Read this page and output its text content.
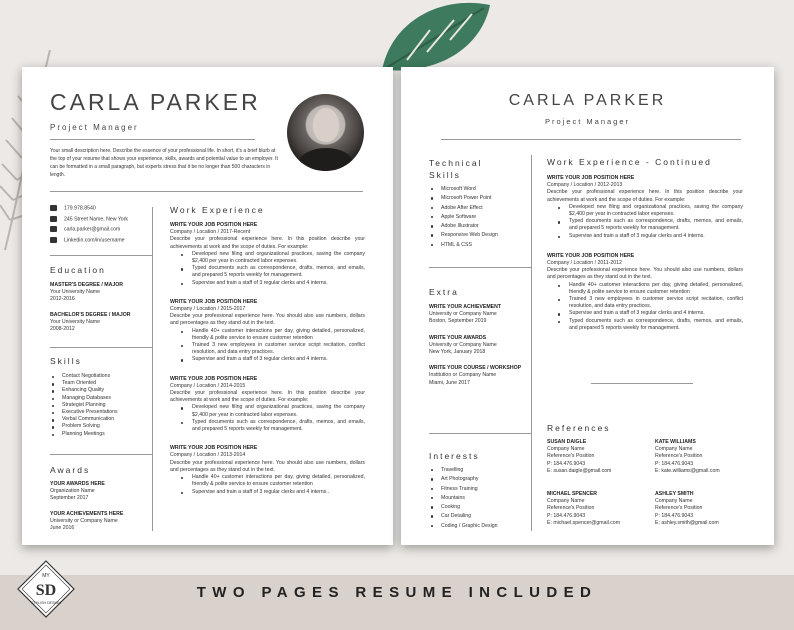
CARLA PARKER
Project Manager
Your small description here. Describe the essence of your professional life. In short, it's a brief blurb at the top of your resume that shows your experience, skills, awards and potential value to an employer. It can be formatted in a small paragraph, but experts stress that it be no longer than 500 characters in length.
179.978.8540
245 Street Name, New York
carla.parker@gmail.com
Linkedin.com/in/username
Education
MASTER'S DEGREE / MAJOR
Your University Name
2012-2016
BACHELOR'S DEGREE / MAJOR
Your University Name
2008-2012
Skills
Contact Negotiations
Team Oriented
Enhancing Quality
Managing Databases
Strategist Planning
Executive Presentations
Verbal Communication
Problem Solving
Planning Meetings
Awards
YOUR AWARDS HERE
Organization Name
September 2017
YOUR ACHIEVEMENTS HERE
University or Company Name
June 2016
Work Experience
WRITE YOUR JOB POSITION HERE
Company / Location / 2017-Recent
Describe your professional experience here. In this position describe your achievements at work and the scope of duties. For example:
Developed new filing and organizational practices, saving the company $2,400 per year in contracted labor expenses.
Typed documents such as correspondence, drafts, memos, and emails, and prepared 5 reports weekly for management.
Supervise and train a staff of 3 regular clerks and 4 interns.
WRITE YOUR JOB POSITION HERE
Company / Location / 2015-2017
Describe your professional experience here. You should also use numbers, dollars and percentages as they stand out in the text.
Handle 40+ customer interactions per day, giving detailed, personalized, friendly & polite service to ensure customer retention
Trained 3 new employees in customer service script recitation, conflict resolution, and data entry practices.
Supervise and train a staff of 3 regular clerks and 4 interns.
WRITE YOUR JOB POSITION HERE
Company / Location / 2014-2015
Describe your professional experience here. In this position describe your achievements at work and the scope of duties. For example:
Developed new filing and organizational practices, saving the company $2,400 per year in contracted labor expenses.
Typed documents such as correspondence, drafts, memos, and emails, and prepared 5 reports weekly for management.
WRITE YOUR JOB POSITION HERE
Company / Location / 2013-2014
Describe your professional experience here. You should also use numbers, dollars and percentages as they stand out in the text.
Handle 40+ customer interactions per day, giving detailed, personalized, friendly & polite service to ensure customer retention
Supervise and train a staff of 3 regular clerks and 4 interns..
CARLA PARKER
Project Manager
Technical Skills
Microsoft Word
Microsoft Power Point
Adobe After Effect
Apple Software
Adobe Illustrator
Responsive Web Design
HTML & CSS
Extra
WRITE YOUR ACHIEVEMENT
University or Company Name
Boston, September 2019
WRITE YOUR AWARDS
University or Company Name
New York, January 2018
WRITE YOUR COURSE / WORKSHOP
Institution or Company Name
Miami, June 2017
Interests
Travelling
Art Photography
Fitness Training
Mountains
Cooking
Car Detailing
Coding / Graphic Design
Work Experience - Continued
WRITE YOUR JOB POSITION HERE
Company / Location / 2012-2013
Describe your professional experience here. In this position describe your achievements at work and the scope of duties. For example:
Developed new filing and organizational practices, saving the company $2,400 per year in contracted labor expenses.
Typed documents such as correspondence, drafts, memos, and emails, and prepared 5 reports weekly for management.
Supervise and train a staff of 3 regular clerks and 4 interns.
WRITE YOUR JOB POSITION HERE
Company / Location / 2011-2012
Describe your professional experience here. You should also use numbers, dollars and percentages as they stand out in the text.
Handle 40+ customer interactions per day, giving detailed, personalized, friendly & polite service to ensure customer retention
Trained 3 new employees in customer service script recitation, conflict resolution, and data entry practices.
Supervise and train a staff of 3 regular clerks and 4 interns.
Typed documents such as correspondence, drafts, memos, and emails, and prepared 5 reports weekly for management.
References
SUSAN DAIGLE
Company Name
Reference's Position
P: 184.476.9043
E: susan.daigle@gmail.com
KATE WILLIAMS
Company Name
Reference's Position
P: 184.476.9043
E: kate.williams@gmail.com
MICHAEL SPENCER
Company Name
Reference's Position
P: 184.476.9043
E: michael.spencer@gmail.com
ASHLEY SMITH
Company Name
Reference's Position
P: 184.476.9043
E: ashley.smith@gmail.com
MY
SD
STYLISH DESIGN
TWO PAGES RESUME INCLUDED
